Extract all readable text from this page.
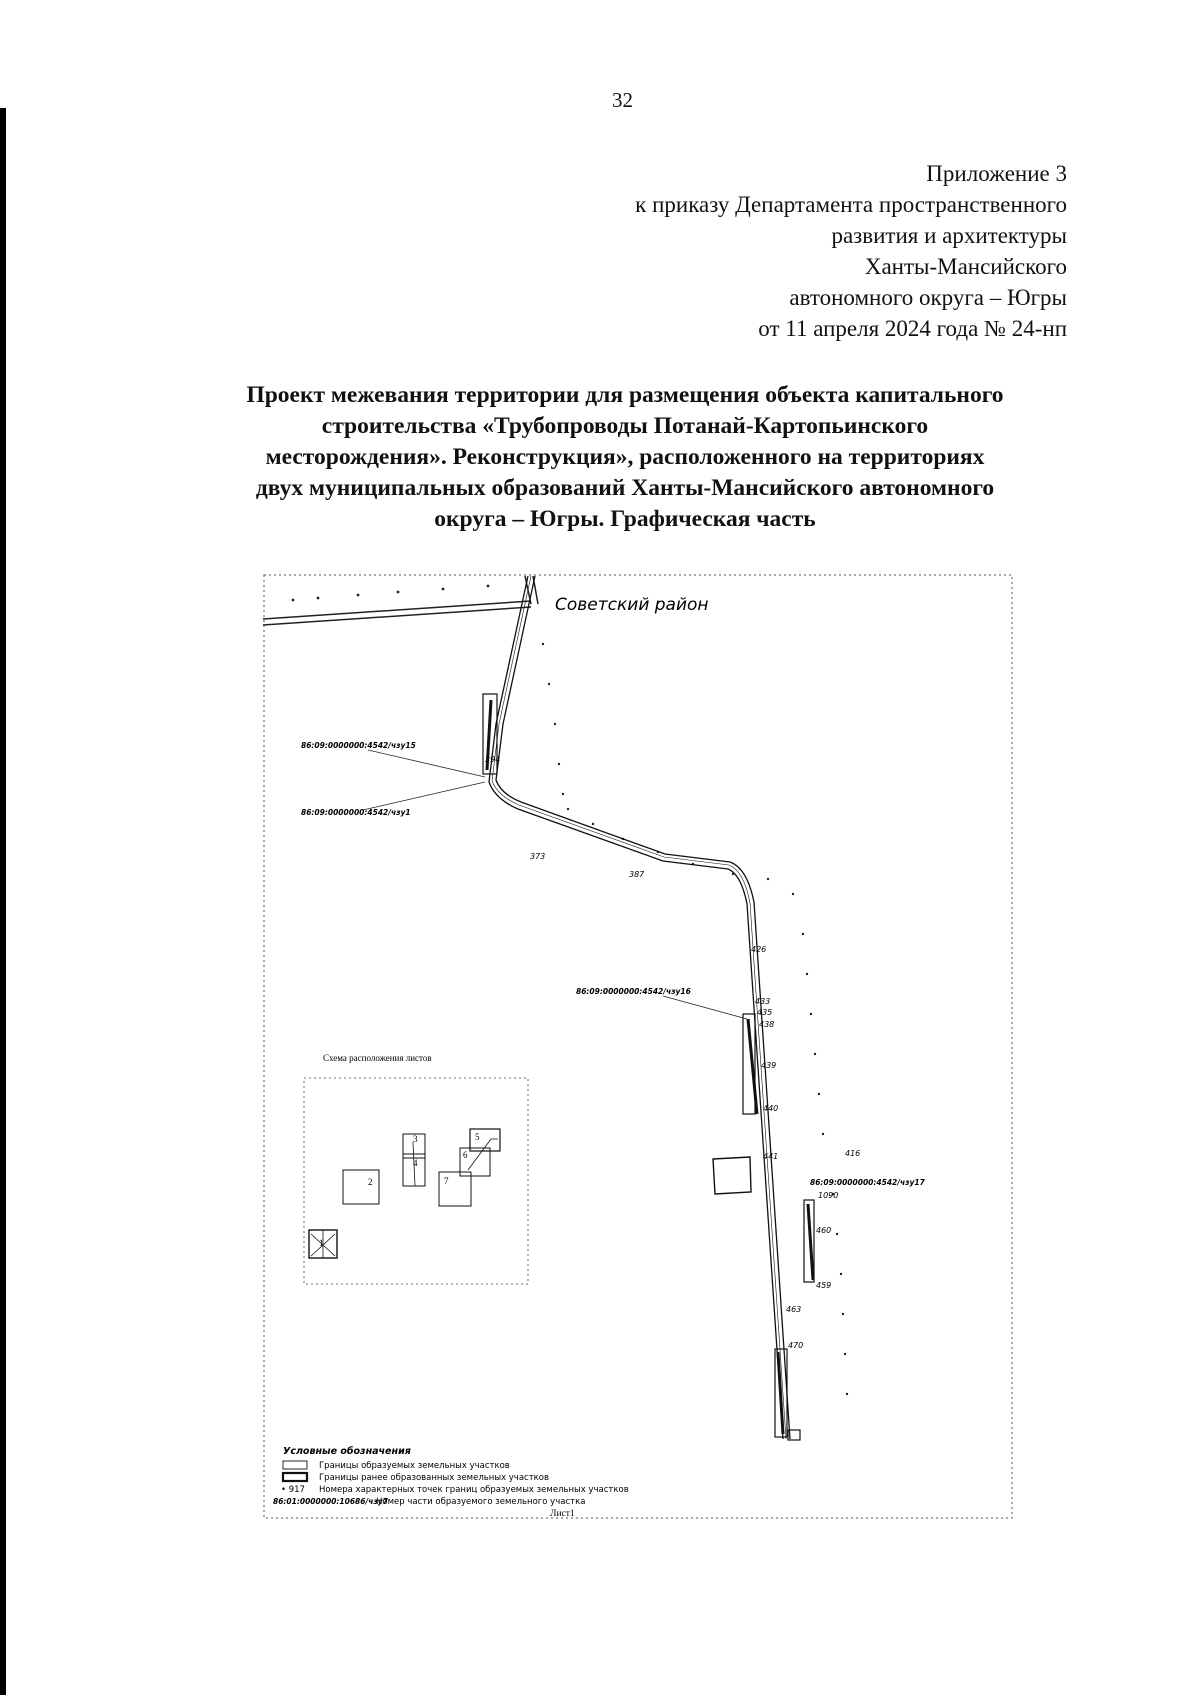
32
Приложение 3
к приказу Департамента пространственного
развития и архитектуры
Ханты-Мансийского
автономного округа – Югры
от 11 апреля 2024 года № 24-нп
Проект межевания территории для размещения объекта капитального
строительства «Трубопроводы Потанай-Картопьинского
месторождения». Реконструкция», расположенного на территориях
двух муниципальных образований Ханты-Мансийского автономного
округа – Югры. Графическая часть
Советский район
86:09:0000000:4542/чзу15
86:09:0000000:4542/чзу1
86:09:0000000:4542/чзу16
86:09:0000000:4542/чзу17
394
373
387
426
433
435
438
439
440
441	416
1090
460
459
463
470
Схема расположения листов
2
3
4
5
6
7
1
Условные обозначения
Границы образуемых земельных участков
Границы ранее образованных земельных участков
• 917 Номера характерных точек границ образуемых земельных участков
86:01:0000000:10686/чзу7
Номер части образуемого земельного участка
Лист1
